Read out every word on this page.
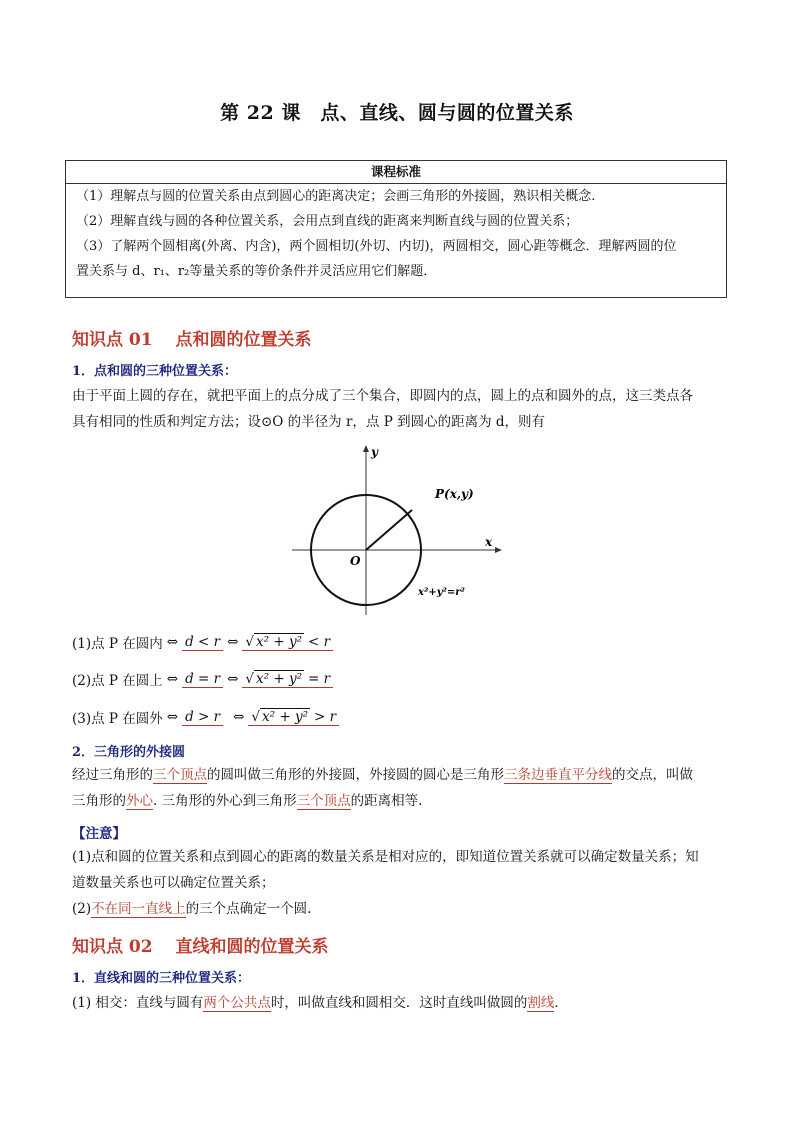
第 22 课　点、直线、圆与圆的位置关系
课程标准
（1）理解点与圆的位置关系由点到圆心的距离决定；会画三角形的外接圆，熟识相关概念.
（2）理解直线与圆的各种位置关系，会用点到直线的距离来判断直线与圆的位置关系；
（3）了解两个圆相离(外离、内含)，两个圆相切(外切、内切)，两圆相交，圆心距等概念．理解两圆的位
置关系与 d、r₁、r₂等量关系的等价条件并灵活应用它们解题．
知识点 01　 点和圆的位置关系
1．点和圆的三种位置关系：
由于平面上圆的存在，就把平面上的点分成了三个集合，即圆内的点，圆上的点和圆外的点，这三类点各
具有相同的性质和判定方法；设⊙O 的半径为 r，点 P 到圆心的距离为 d，则有
y
x
O
P(x,y)
x²+y²=r²
(1)点 P 在圆内 ⇔ d < r ⇔ √ x² + y² < r
(2)点 P 在圆上 ⇔ d = r ⇔ √ x² + y² = r
(3)点 P 在圆外 ⇔ d > r ⇔ √ x² + y² > r
2．三角形的外接圆
经过三角形的三个顶点的圆叫做三角形的外接圆，外接圆的圆心是三角形三条边垂直平分线的交点，叫做
三角形的外心. 三角形的外心到三角形三个顶点的距离相等.
【注意】
(1)点和圆的位置关系和点到圆心的距离的数量关系是相对应的，即知道位置关系就可以确定数量关系；知
道数量关系也可以确定位置关系；
(2)不在同一直线上的三个点确定一个圆.
知识点 02　 直线和圆的位置关系
1．直线和圆的三种位置关系：
(1) 相交：直线与圆有两个公共点时，叫做直线和圆相交．这时直线叫做圆的割线．
